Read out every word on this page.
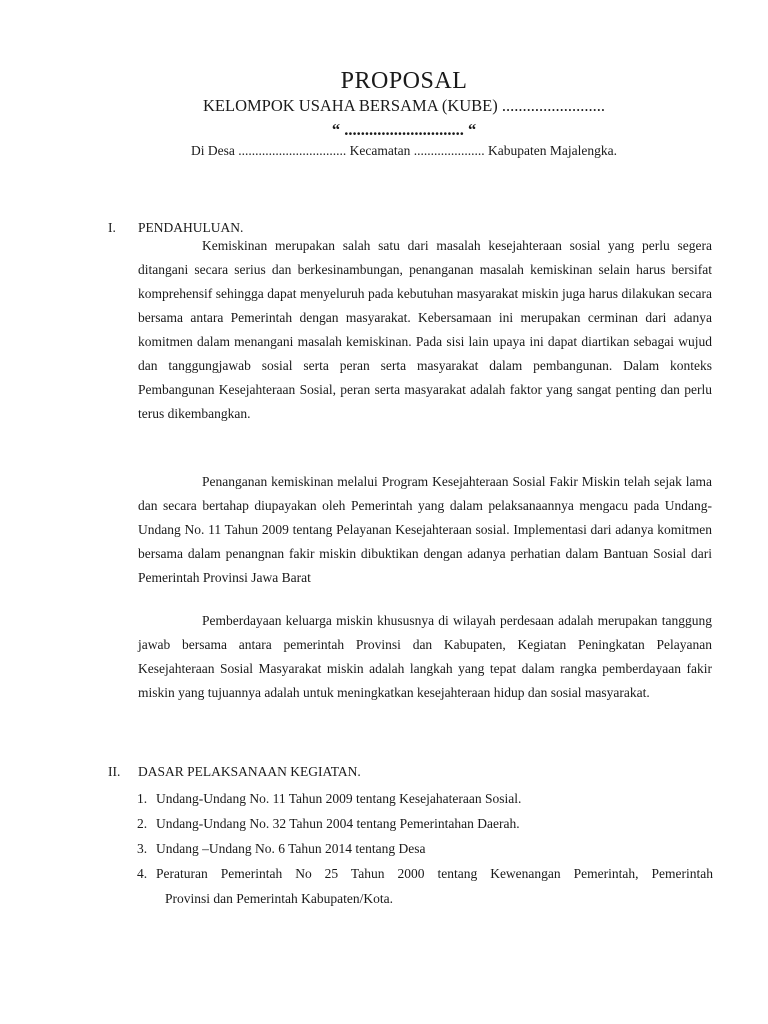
PROPOSAL
KELOMPOK USAHA BERSAMA (KUBE) .........................
“ ............................. “
Di Desa ................................ Kecamatan ..................... Kabupaten Majalengka.
I. PENDAHULUAN.

Kemiskinan merupakan salah satu dari masalah kesejahteraan sosial yang perlu segera ditangani secara serius dan berkesinambungan, penanganan masalah kemiskinan selain harus bersifat komprehensif sehingga dapat menyeluruh pada kebutuhan masyarakat miskin juga harus dilakukan secara bersama antara Pemerintah dengan masyarakat. Kebersamaan ini merupakan cerminan dari adanya komitmen dalam menangani masalah kemiskinan. Pada sisi lain upaya ini dapat diartikan sebagai wujud dan tanggungjawab sosial serta peran serta masyarakat dalam pembangunan. Dalam konteks Pembangunan Kesejahteraan Sosial, peran serta masyarakat adalah faktor yang sangat penting dan perlu terus dikembangkan.

Penanganan kemiskinan melalui Program Kesejahteraan Sosial Fakir Miskin telah sejak lama dan secara bertahap diupayakan oleh Pemerintah yang dalam pelaksanaannya mengacu pada Undang-Undang No. 11 Tahun 2009 tentang Pelayanan Kesejahteraan sosial. Implementasi dari adanya komitmen bersama dalam penangnan fakir miskin dibuktikan dengan adanya perhatian dalam Bantuan Sosial dari Pemerintah Provinsi Jawa Barat

Pemberdayaan keluarga miskin khususnya di wilayah perdesaan adalah merupakan tanggung jawab bersama antara pemerintah Provinsi dan Kabupaten, Kegiatan Peningkatan Pelayanan Kesejahteraan Sosial Masyarakat miskin adalah langkah yang tepat dalam rangka pemberdayaan fakir miskin yang tujuannya adalah untuk meningkatkan kesejahteraan hidup dan sosial masyarakat.

II. DASAR PELAKSANAAN KEGIATAN.
1. Undang-Undang No. 11 Tahun 2009 tentang Kesejahateraan Sosial.
2. Undang-Undang No. 32 Tahun 2004 tentang Pemerintahan Daerah.
3. Undang –Undang No. 6 Tahun 2014 tentang Desa
4. Peraturan Pemerintah No 25 Tahun 2000 tentang Kewenangan Pemerintah, Pemerintah
Provinsi dan Pemerintah Kabupaten/Kota.
